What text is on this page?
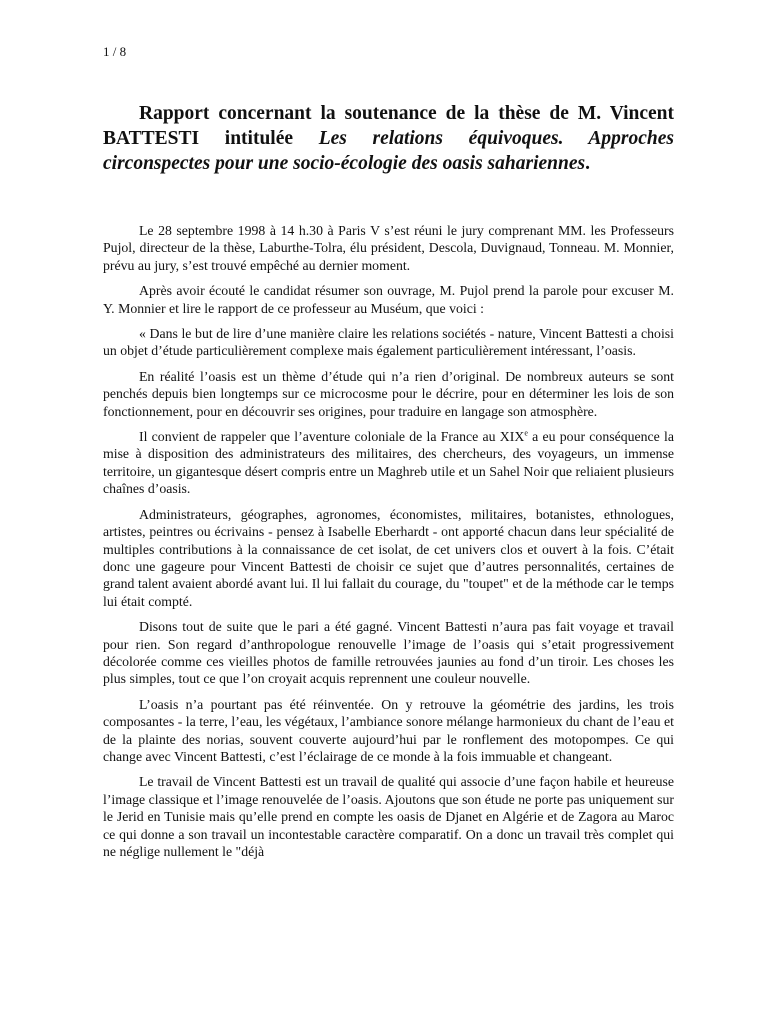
1 / 8
Rapport concernant la soutenance de la thèse de M. Vincent BATTESTI intitulée Les relations équivoques. Approches circonspectes pour une socio-écologie des oasis sahariennes.

Le 28 septembre 1998 à 14 h.30 à Paris V s’est réuni le jury comprenant MM. les Professeurs Pujol, directeur de la thèse, Laburthe-Tolra, élu président, Descola, Duvignaud, Tonneau. M. Monnier, prévu au jury, s’est trouvé empêché au dernier moment.

Après avoir écouté le candidat résumer son ouvrage, M. Pujol prend la parole pour excuser M. Y. Monnier et lire le rapport de ce professeur au Muséum, que voici :

« Dans le but de lire d’une manière claire les relations sociétés - nature, Vincent Battesti a choisi un objet d’étude particulièrement complexe mais également particulièrement intéressant, l’oasis.

En réalité l’oasis est un thème d’étude qui n’a rien d’original. De nombreux auteurs se sont penchés depuis bien longtemps sur ce microcosme pour le décrire, pour en déterminer les lois de son fonctionnement, pour en découvrir ses origines, pour traduire en langage son atmosphère.

Il convient de rappeler que l’aventure coloniale de la France au XIXe a eu pour conséquence la mise à disposition des administrateurs des militaires, des chercheurs, des voyageurs, un immense territoire, un gigantesque désert compris entre un Maghreb utile et un Sahel Noir que reliaient plusieurs chaînes d’oasis.

Administrateurs, géographes, agronomes, économistes, militaires, botanistes, ethnologues, artistes, peintres ou écrivains - pensez à Isabelle Eberhardt - ont apporté chacun dans leur spécialité de multiples contributions à la connaissance de cet isolat, de cet univers clos et ouvert à la fois. C’était donc une gageure pour Vincent Battesti de choisir ce sujet que d’autres personnalités, certaines de grand talent avaient abordé avant lui. Il lui fallait du courage, du "toupet" et de la méthode car le temps lui était compté.

Disons tout de suite que le pari a été gagné. Vincent Battesti n’aura pas fait voyage et travail pour rien. Son regard d’anthropologue renouvelle l’image de l’oasis qui s’etait progressivement décolorée comme ces vieilles photos de famille retrouvées jaunies au fond d’un tiroir. Les choses les plus simples, tout ce que l’on croyait acquis reprennent une couleur nouvelle.

L’oasis n’a pourtant pas été réinventée. On y retrouve la géométrie des jardins, les trois composantes - la terre, l’eau, les végétaux, l’ambiance sonore mélange harmonieux du chant de l’eau et de la plainte des norias, souvent couverte aujourd’hui par le ronflement des motopompes. Ce qui change avec Vincent Battesti, c’est l’éclairage de ce monde à la fois immuable et changeant.

Le travail de Vincent Battesti est un travail de qualité qui associe d’une façon habile et heureuse l’image classique et l’image renouvelée de l’oasis. Ajoutons que son étude ne porte pas uniquement sur le Jerid en Tunisie mais qu’elle prend en compte les oasis de Djanet en Algérie et de Zagora au Maroc ce qui donne a son travail un incontestable caractère comparatif. On a donc un travail très complet qui ne néglige nullement le "déjà
